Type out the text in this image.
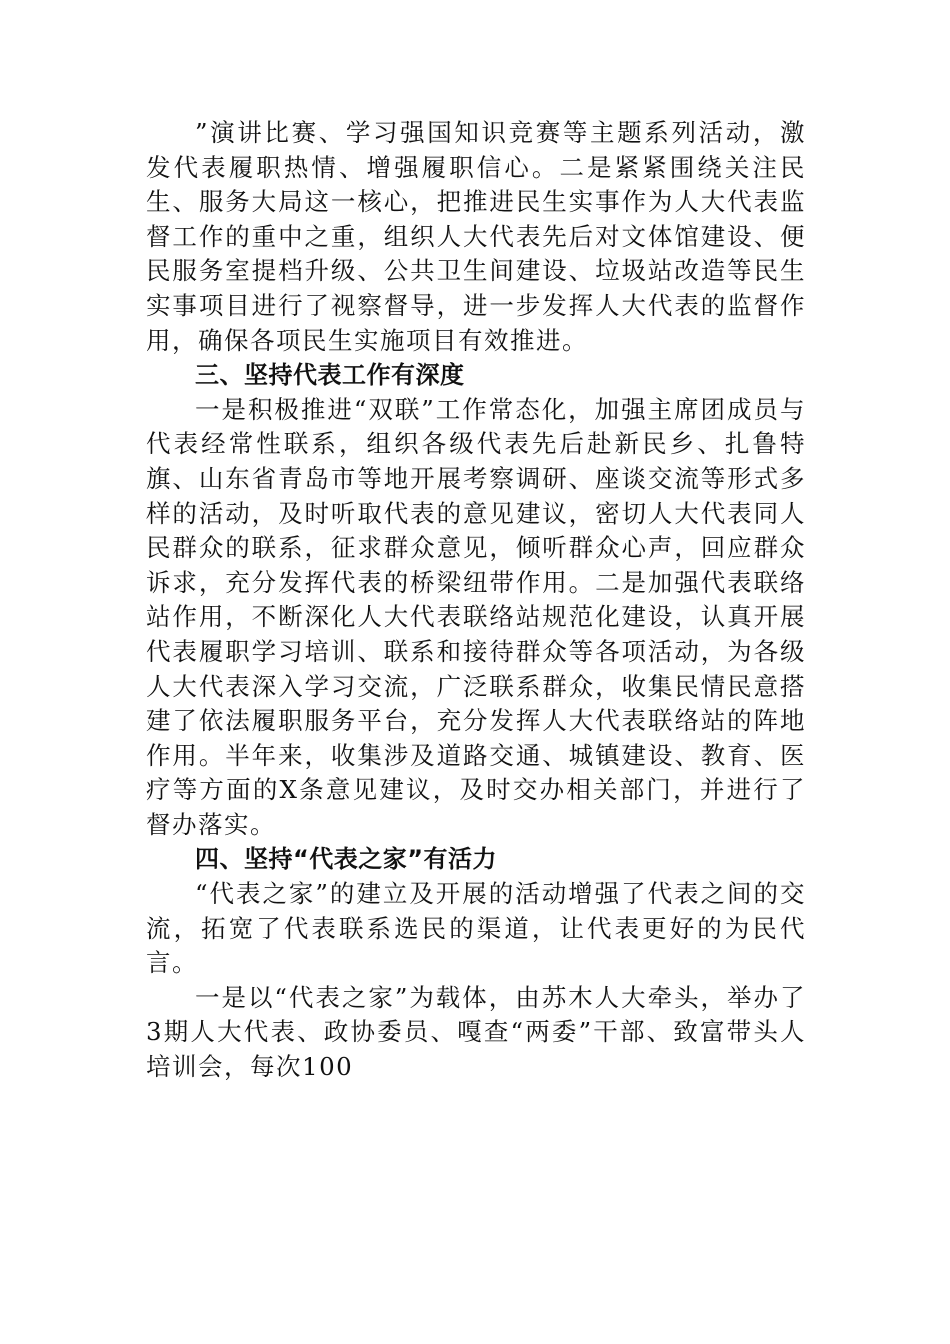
”演讲比赛、学习强国知识竞赛等主题系列活动，激发代表履职热情、增强履职信心。二是紧紧围绕关注民生、服务大局这一核心，把推进民生实事作为人大代表监督工作的重中之重，组织人大代表先后对文体馆建设、便民服务室提档升级、公共卫生间建设、垃圾站改造等民生实事项目进行了视察督导，进一步发挥人大代表的监督作用，确保各项民生实施项目有效推进。

三、坚持代表工作有深度

一是积极推进“双联”工作常态化，加强主席团成员与代表经常性联系，组织各级代表先后赴新民乡、扎鲁特旗、山东省青岛市等地开展考察调研、座谈交流等形式多样的活动，及时听取代表的意见建议，密切人大代表同人民群众的联系，征求群众意见，倾听群众心声，回应群众诉求，充分发挥代表的桥梁纽带作用。二是加强代表联络站作用，不断深化人大代表联络站规范化建设，认真开展代表履职学习培训、联系和接待群众等各项活动，为各级人大代表深入学习交流，广泛联系群众，收集民情民意搭建了依法履职服务平台，充分发挥人大代表联络站的阵地作用。半年来，收集涉及道路交通、城镇建设、教育、医疗等方面的X条意见建议，及时交办相关部门，并进行了督办落实。

四、坚持“代表之家”有活力

“代表之家”的建立及开展的活动增强了代表之间的交流，拓宽了代表联系选民的渠道，让代表更好的为民代言。

一是以“代表之家”为载体，由苏木人大牵头，举办了3期人大代表、政协委员、嘎查“两委”干部、致富带头人培训会，每次100
